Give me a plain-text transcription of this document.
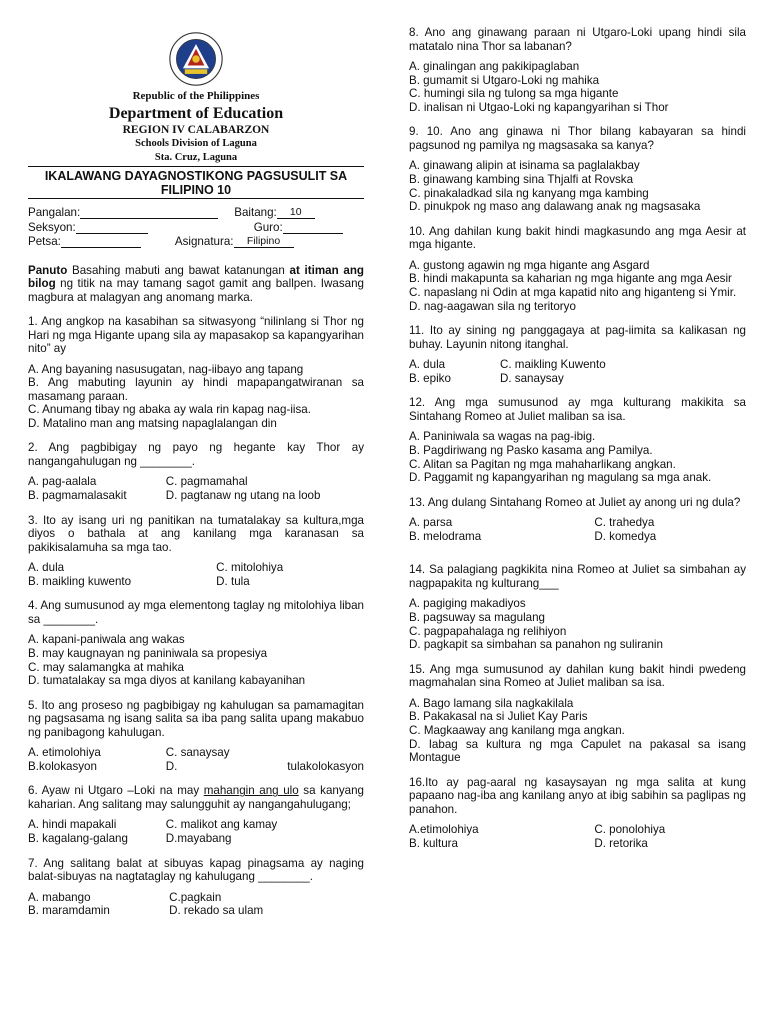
Republic of the Philippines
Department of Education
REGION IV CALABARZON
Schools Division of Laguna
Sta. Cruz, Laguna
IKALAWANG DAYAGNOSTIKONG PAGSUSULIT SA
FILIPINO 10
Pangalan:	Baitang:	10
Seksyon:	Guro:
Petsa:	Asignatura:	Filipino
Panuto Basahing mabuti ang bawat katanungan at itiman ang bilog ng titik na may tamang sagot gamit ang ballpen. Iwasang magbura at malagyan ang anomang marka.
1. Ang angkop na kasabihan sa sitwasyong “nilinlang si Thor ng Hari ng mga Higante upang sila ay mapasakop sa kapangyarihan nito” ay
A. Ang bayaning nasusugatan, nag-iibayo ang tapang
B. Ang mabuting layunin ay hindi mapapangatwiranan sa masamang paraan.
C. Anumang tibay ng abaka ay wala rin kapag nag-iisa.
D. Matalino man ang matsing napaglalangan din
2. Ang pagbibigay ng payo ng hegante kay Thor ay nangangahulugan ng ________.
A. pag-aalala	C. pagmamahal
B. pagmamalasakit	D. pagtanaw ng utang na loob
3. Ito ay isang uri ng panitikan na tumatalakay sa kultura,mga diyos o bathala at ang kanilang mga karanasan sa pakikisalamuha sa mga tao.
A. dula	C. mitolohiya
B. maikling kuwento	D. tula
4. Ang sumusunod ay mga elementong taglay ng mitolohiya liban sa ________.
A. kapani-paniwala ang wakas
B. may kaugnayan ng paniniwala sa propesiya
C. may salamangka at mahika
D. tumatalakay sa mga diyos at kanilang kabayanihan
5. Ito ang proseso ng pagbibigay ng kahulugan sa pamamagitan ng pagsasama ng isang salita sa iba pang salita upang makabuo ng panibagong kahulugan.
A. etimolohiya	C. sanaysay
B.kolokasyon	D.	tulakolokasyon
6. Ayaw ni Utgaro –Loki na may mahangin ang ulo sa kanyang kaharian. Ang salitang may salungguhit ay nangangahulugang;
A. hindi mapakali	C. malikot ang kamay
B. kagalang-galang	D.mayabang
7. Ang salitang balat at sibuyas kapag pinagsama ay naging balat-sibuyas na nagtataglay ng kahulugang ________.
A. mabango	C.pagkain
B. maramdamin	D. rekado sa ulam
8. Ano ang ginawang paraan ni Utgaro-Loki upang hindi sila matatalo nina Thor sa labanan?
A. ginalingan ang pakikipaglaban
B. gumamit si Utgaro-Loki ng mahika
C. humingi sila ng tulong sa mga higante
D. inalisan ni Utgao-Loki ng kapangyarihan si Thor
9. 10. Ano ang ginawa ni Thor bilang kabayaran sa hindi pagsunod ng pamilya ng magsasaka sa kanya?
A. ginawang alipin at isinama sa paglalakbay
B. ginawang kambing sina Thjalfi at Rovska
C. pinakaladkad sila ng kanyang mga kambing
D. pinukpok ng maso ang dalawang anak ng magsasaka
10. Ang dahilan kung bakit hindi magkasundo ang mga Aesir at mga higante.
A. gustong agawin ng mga higante ang Asgard
B. hindi makapunta sa kaharian ng mga higante ang mga Aesir
C. napaslang ni Odin at mga kapatid nito ang higanteng si Ymir.
D. nag-aagawan sila ng teritoryo
11. Ito ay sining ng panggagaya at pag-iimita sa kalikasan ng buhay. Layunin nitong itanghal.
A. dula	C. maikling Kuwento
B. epiko	D. sanaysay
12. Ang mga sumusunod ay mga kulturang makikita sa Sintahang Romeo at Juliet maliban sa isa.
A. Paniniwala sa wagas na pag-ibig.
B. Pagdiriwang ng Pasko kasama ang Pamilya.
C. Alitan sa Pagitan ng mga mahaharlikang angkan.
D. Paggamit ng kapangyarihan ng magulang sa mga anak.
13. Ang dulang Sintahang Romeo at Juliet ay anong uri ng dula?
A. parsa	C. trahedya
B. melodrama	D. komedya
14. Sa palagiang pagkikita nina Romeo at Juliet sa simbahan ay nagpapakita ng kulturang___
A. pagiging makadiyos
B. pagsuway sa magulang
C. pagpapahalaga ng relihiyon
D. pagkapit sa simbahan sa panahon ng suliranin
15. Ang mga sumusunod ay dahilan kung bakit hindi pwedeng magmahalan sina Romeo at Juliet maliban sa isa.
A. Bago lamang sila nagkakilala
B. Pakakasal na si Juliet Kay Paris
C. Magkaaway ang kanilang mga angkan.
D. Iabag sa kultura ng mga Capulet na pakasal sa isang Montague
16.Ito ay pag-aaral ng kasaysayan ng mga salita at kung papaano nag-iba ang kanilang anyo at ibig sabihin sa paglipas ng panahon.
A.etimolohiya	C. ponolohiya
B. kultura	D. retorika
